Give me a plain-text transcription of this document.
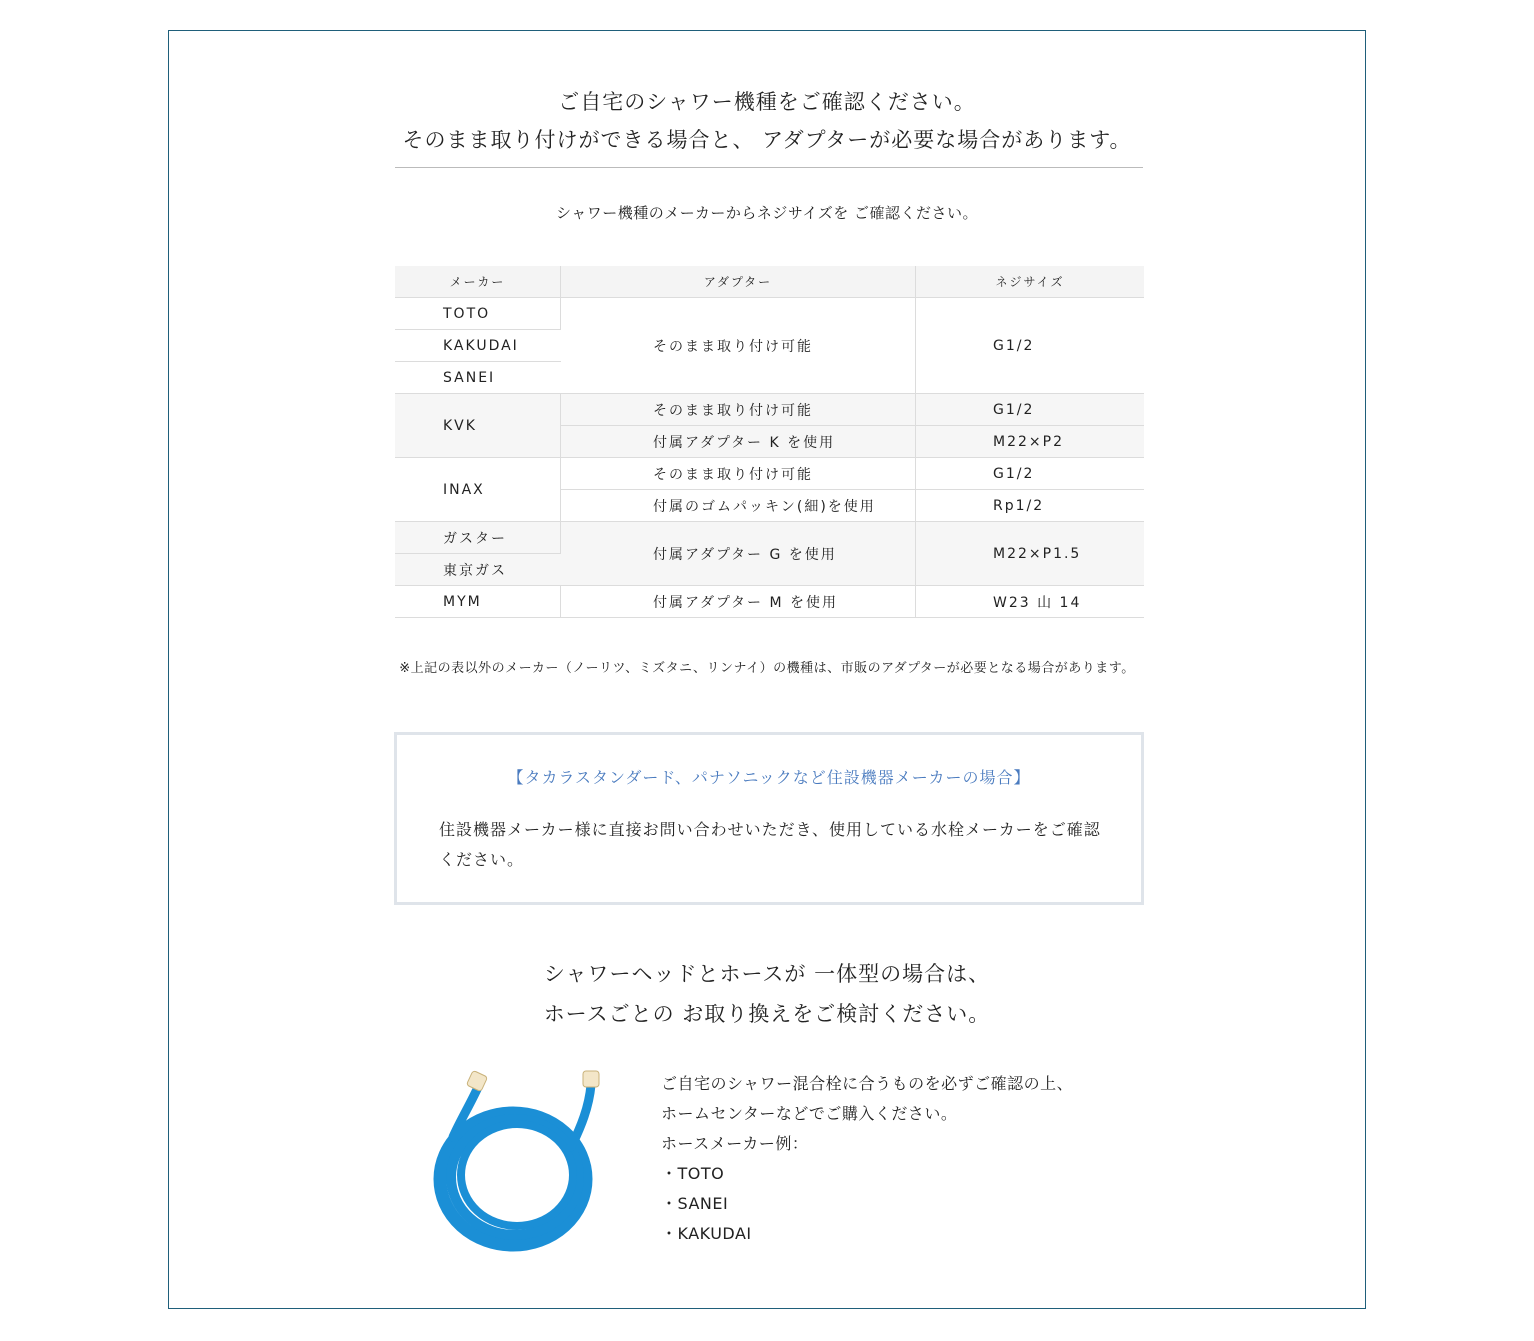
ご自宅のシャワー機種をご確認ください。
そのまま取り付けができる場合と、 アダプターが必要な場合があります。
シャワー機種のメーカーからネジサイズを ご確認ください。
メーカー	アダプター	ネジサイズ
TOTO	そのまま取り付け可能	G1/2
KAKUDAI		
SANEI		
KVK	そのまま取り付け可能	G1/2
	付属アダプター K を使用	M22×P2
INAX	そのまま取り付け可能	G1/2
	付属のゴムパッキン(細)を使用	Rp1/2
ガスター	付属アダプター G を使用	M22×P1.5
東京ガス		
MYM	付属アダプター M を使用	W23 山 14
※上記の表以外のメーカー（ノーリツ、ミズタニ、リンナイ）の機種は、市販のアダプターが必要となる場合があります。
【タカラスタンダード、パナソニックなど住設機器メーカーの場合】
住設機器メーカー様に直接お問い合わせいただき、使用している水栓メーカーをご確認ください。
シャワーヘッドとホースが 一体型の場合は、
ホースごとの お取り換えをご検討ください。
ご自宅のシャワー混合栓に合うものを必ずご確認の上、
ホームセンターなどでご購入ください。
ホースメーカー例：
・TOTO
・SANEI
・KAKUDAI
